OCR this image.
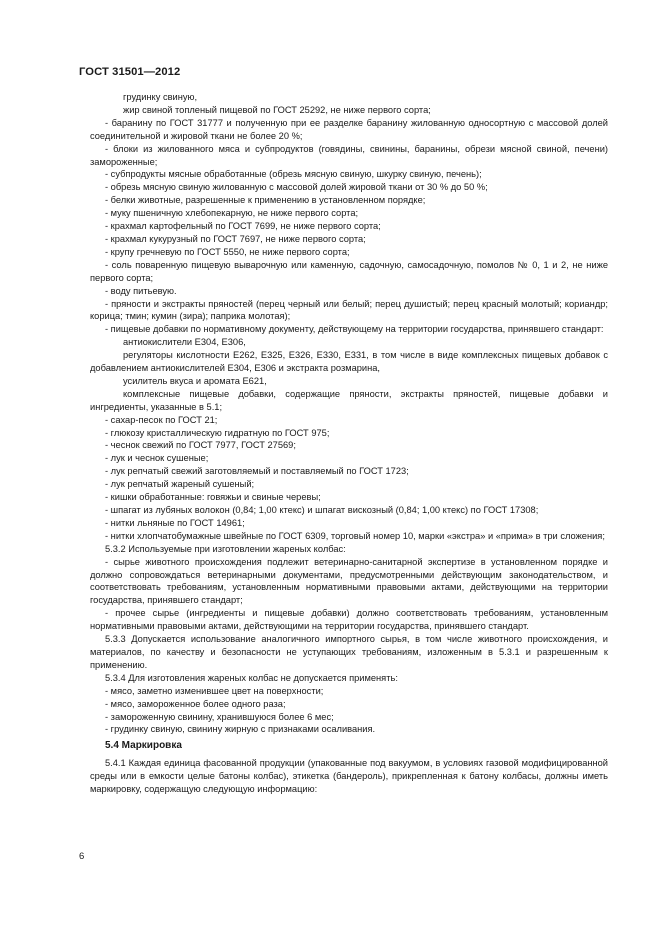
ГОСТ 31501—2012

грудинку свиную,

жир свиной топленый пищевой по ГОСТ 25292, не ниже первого сорта;

- баранину по ГОСТ 31777 и полученную при ее разделке баранину жилованную односортную с массовой долей соединительной и жировой ткани не более 20 %;

- блоки из жилованного мяса и субпродуктов (говядины, свинины, баранины, обрези мясной свиной, печени) замороженные;

- субпродукты мясные обработанные (обрезь мясную свиную, шкурку свиную, печень);

- обрезь мясную свиную жилованную с массовой долей жировой ткани от 30 % до 50 %;

- белки животные, разрешенные к применению в установленном порядке;

- муку пшеничную хлебопекарную, не ниже первого сорта;

- крахмал картофельный по ГОСТ 7699, не ниже первого сорта;

- крахмал кукурузный по ГОСТ 7697, не ниже первого сорта;

- крупу гречневую по ГОСТ 5550, не ниже первого сорта;

- соль поваренную пищевую выварочную или каменную, садочную, самосадочную, помолов № 0, 1 и 2, не ниже первого сорта;

- воду питьевую.

- пряности и экстракты пряностей (перец черный или белый; перец душистый; перец красный молотый; кориандр; корица; тмин; кумин (зира); паприка молотая);

- пищевые добавки по нормативному документу, действующему на территории государства, принявшего стандарт:

антиокислители Е304, Е306,

регуляторы кислотности Е262, Е325, Е326, Е330, Е331, в том числе в виде комплексных пищевых добавок с добавлением антиокислителей Е304, Е306 и экстракта розмарина,

усилитель вкуса и аромата Е621,

комплексные пищевые добавки, содержащие пряности, экстракты пряностей, пищевые добавки и ингредиенты, указанные в 5.1;

- сахар-песок по ГОСТ 21;

- глюкозу кристаллическую гидратную по ГОСТ 975;

- чеснок свежий по ГОСТ 7977, ГОСТ 27569;

- лук и чеснок сушеные;

- лук репчатый свежий заготовляемый и поставляемый по ГОСТ 1723;

- лук репчатый жареный сушеный;

- кишки обработанные: говяжьи и свиные черевы;

- шпагат из лубяных волокон (0,84; 1,00 ктекс) и шпагат вискозный (0,84; 1,00 ктекс) по ГОСТ 17308;

- нитки льняные по ГОСТ 14961;

- нитки хлопчатобумажные швейные по ГОСТ 6309, торговый номер 10, марки «экстра» и «прима» в три сложения;

5.3.2 Используемые при изготовлении жареных колбас:

- сырье животного происхождения подлежит ветеринарно-санитарной экспертизе в установленном порядке и должно сопровождаться ветеринарными документами, предусмотренными действующим законодательством, и соответствовать требованиям, установленным нормативными правовыми актами, действующими на территории государства, принявшего стандарт;

- прочее сырье (ингредиенты и пищевые добавки) должно соответствовать требованиям, установленным нормативными правовыми актами, действующими на территории государства, принявшего стандарт.

5.3.3 Допускается использование аналогичного импортного сырья, в том числе животного происхождения, и материалов, по качеству и безопасности не уступающих требованиям, изложенным в 5.3.1 и разрешенным к применению.

5.3.4 Для изготовления жареных колбас не допускается применять:

- мясо, заметно изменившее цвет на поверхности;

- мясо, замороженное более одного раза;

- замороженную свинину, хранившуюся более 6 мес;

- грудинку свиную, свинину жирную с признаками осаливания.

5.4 Маркировка

5.4.1 Каждая единица фасованной продукции (упакованные под вакуумом, в условиях газовой модифицированной среды или в емкости целые батоны колбас), этикетка (бандероль), прикрепленная к батону колбасы, должны иметь маркировку, содержащую следующую информацию:

6
